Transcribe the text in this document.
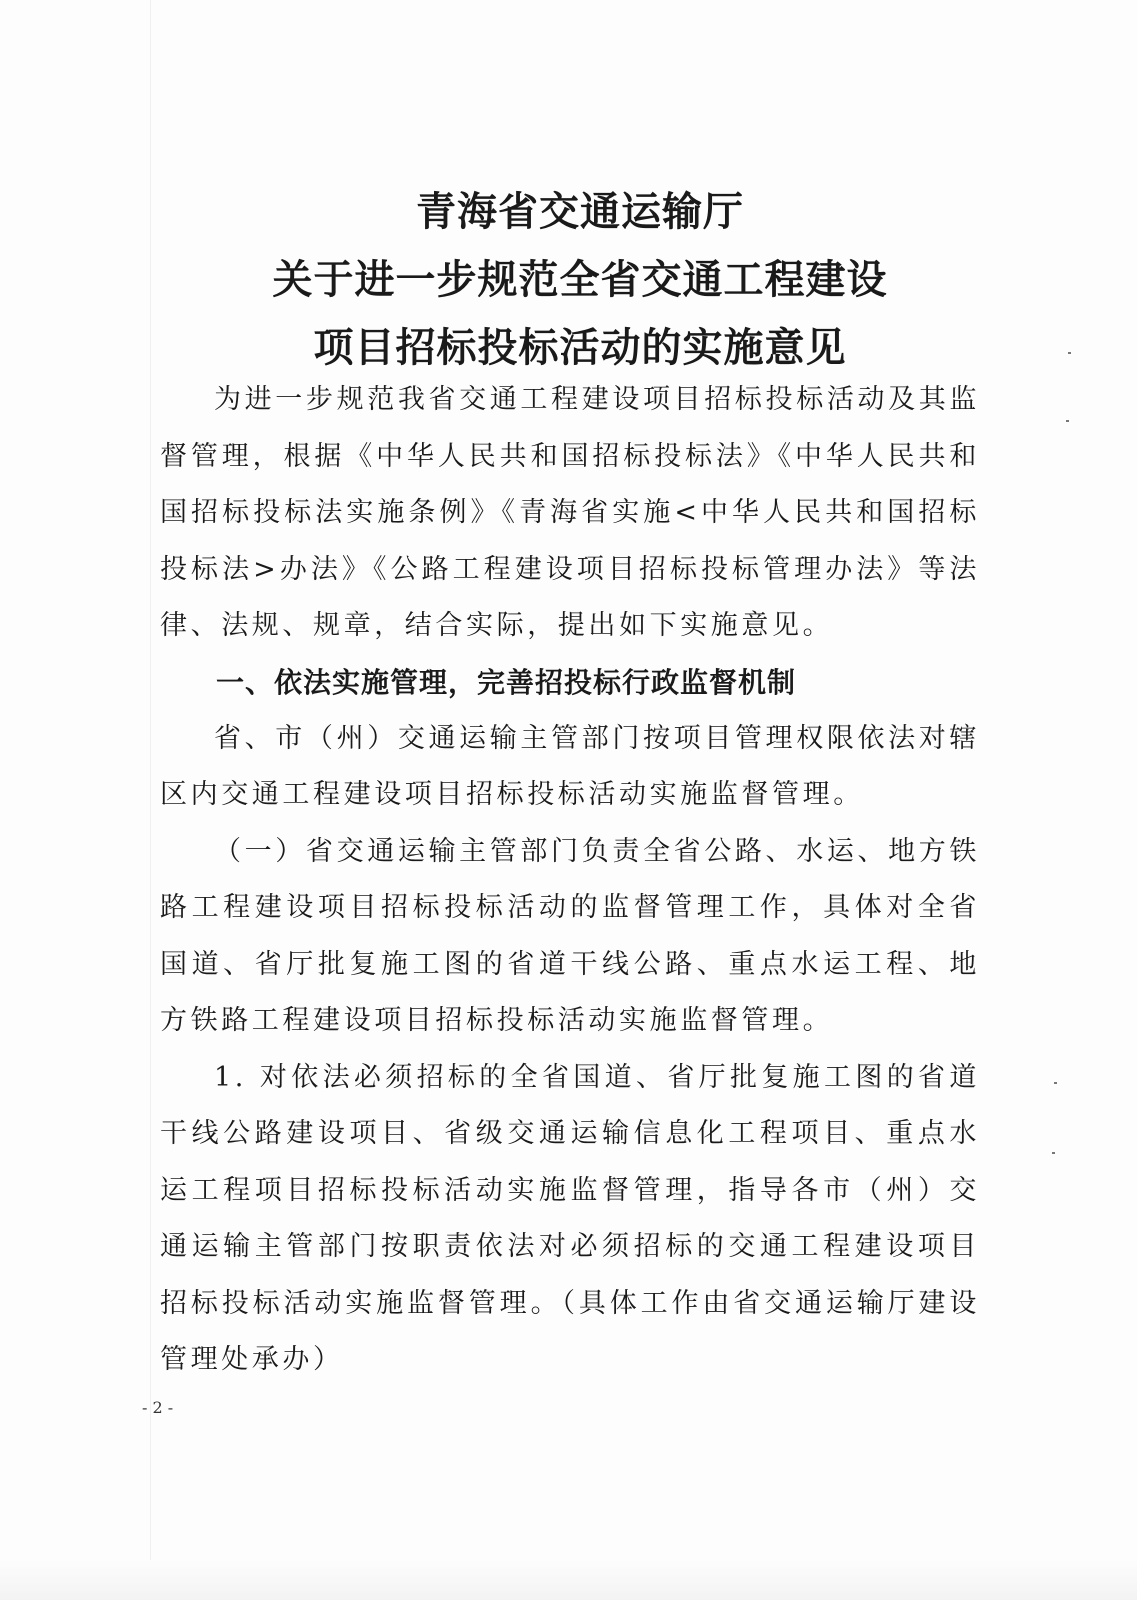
青海省交通运输厅
关于进一步规范全省交通工程建设
项目招标投标活动的实施意见

为进一步规范我省交通工程建设项目招标投标活动及其监督管理，根据《中华人民共和国招标投标法》《中华人民共和国招标投标法实施条例》《青海省实施<中华人民共和国招标投标法>办法》《公路工程建设项目招标投标管理办法》等法律、法规、规章，结合实际，提出如下实施意见。

一、依法实施管理，完善招投标行政监督机制

省、市（州）交通运输主管部门按项目管理权限依法对辖区内交通工程建设项目招标投标活动实施监督管理。

（一）省交通运输主管部门负责全省公路、水运、地方铁路工程建设项目招标投标活动的监督管理工作，具体对全省国道、省厅批复施工图的省道干线公路、重点水运工程、地方铁路工程建设项目招标投标活动实施监督管理。

1. 对依法必须招标的全省国道、省厅批复施工图的省道干线公路建设项目、省级交通运输信息化工程项目、重点水运工程项目招标投标活动实施监督管理，指导各市（州）交通运输主管部门按职责依法对必须招标的交通工程建设项目招标投标活动实施监督管理。（具体工作由省交通运输厅建设管理处承办）

- 2 -
